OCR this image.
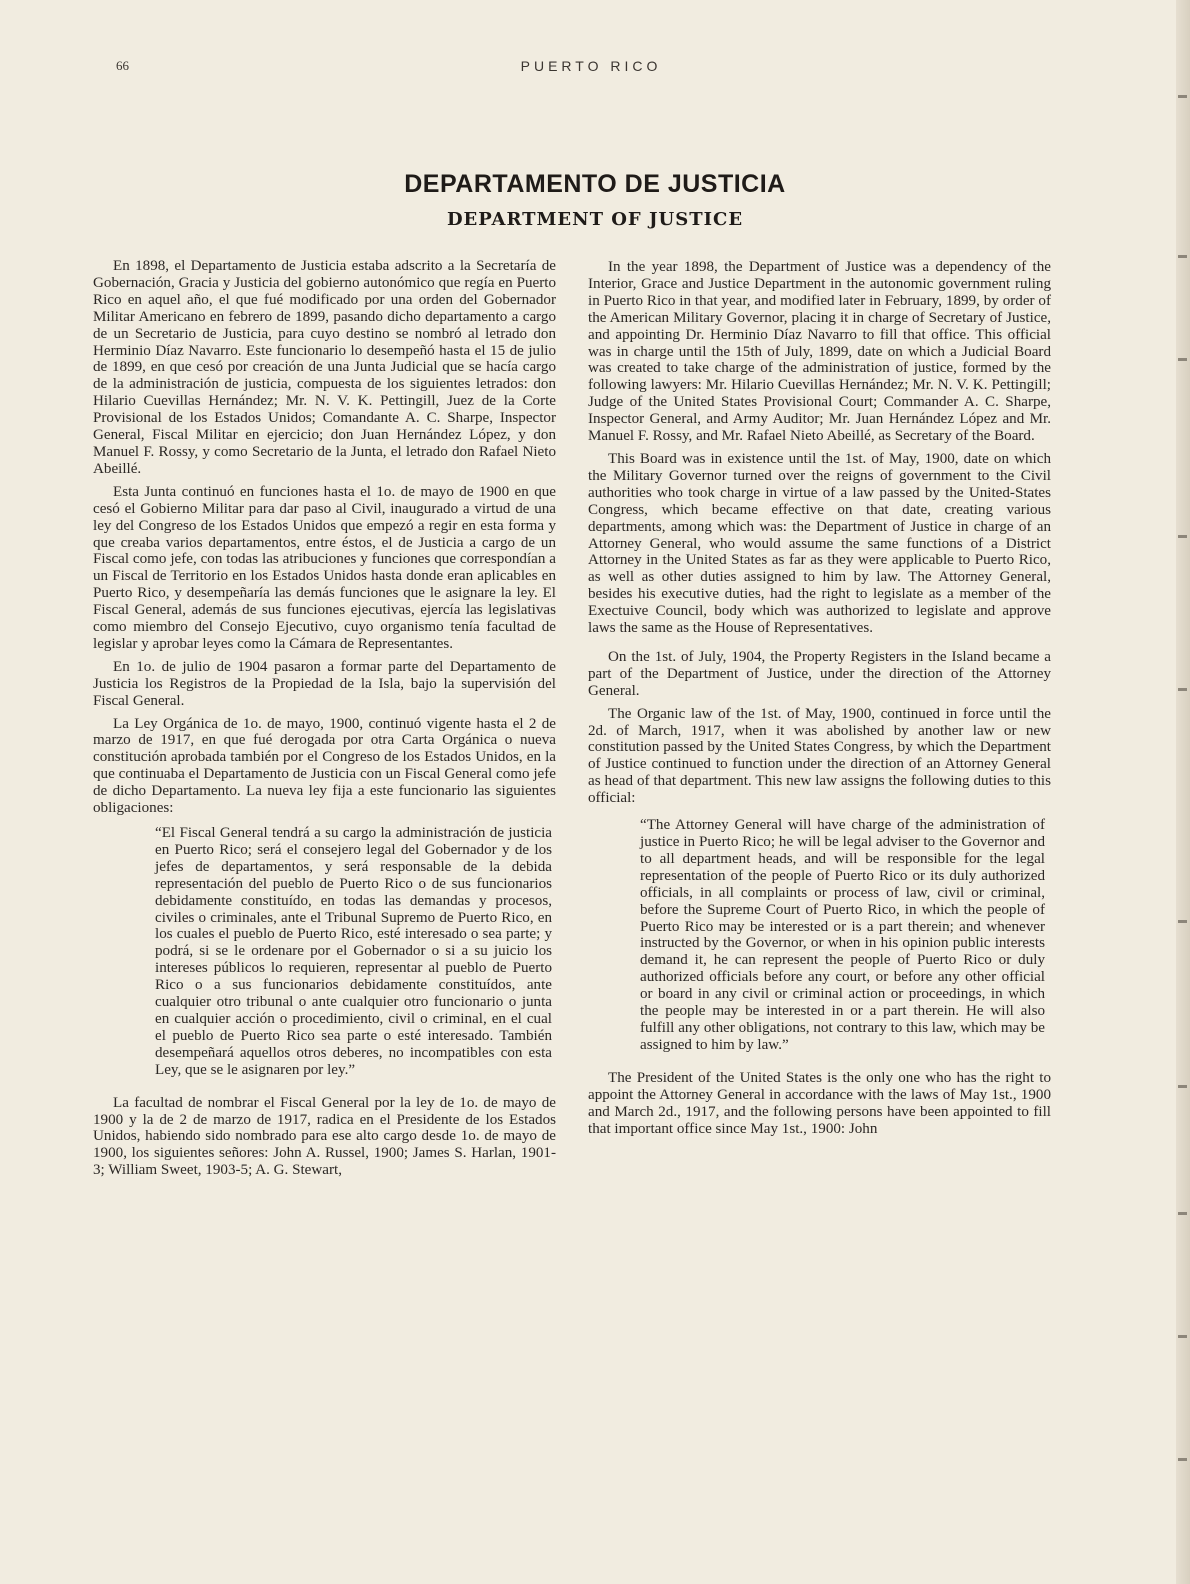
66	PUERTO RICO
DEPARTAMENTO DE JUSTICIA
DEPARTMENT OF JUSTICE

En 1898, el Departamento de Justicia estaba adscrito a la Secretaría de Gobernación, Gracia y Justicia del gobierno autonómico que regía en Puerto Rico en aquel año, el que fué modificado por una orden del Gobernador Militar Americano en febrero de 1899, pasando dicho departamento a cargo de un Secretario de Justicia, para cuyo destino se nombró al letrado don Herminio Díaz Navarro. Este funcionario lo desempeñó hasta el 15 de julio de 1899, en que cesó por creación de una Junta Judicial que se hacía cargo de la administración de justicia, compuesta de los siguientes letrados: don Hilario Cuevillas Hernández; Mr. N. V. K. Pettingill, Juez de la Corte Provisional de los Estados Unidos; Comandante A. C. Sharpe, Inspector General, Fiscal Militar en ejercicio; don Juan Hernández López, y don Manuel F. Rossy, y como Secretario de la Junta, el letrado don Rafael Nieto Abeillé.

Esta Junta continuó en funciones hasta el 1o. de mayo de 1900 en que cesó el Gobierno Militar para dar paso al Civil, inaugurado a virtud de una ley del Congreso de los Estados Unidos que empezó a regir en esta forma y que creaba varios departamentos, entre éstos, el de Justicia a cargo de un Fiscal como jefe, con todas las atribuciones y funciones que correspondían a un Fiscal de Territorio en los Estados Unidos hasta donde eran aplicables en Puerto Rico, y desempeñaría las demás funciones que le asignare la ley. El Fiscal General, además de sus funciones ejecutivas, ejercía las legislativas como miembro del Consejo Ejecutivo, cuyo organismo tenía facultad de legislar y aprobar leyes como la Cámara de Representantes.

En 1o. de julio de 1904 pasaron a formar parte del Departamento de Justicia los Registros de la Propiedad de la Isla, bajo la supervisión del Fiscal General.

La Ley Orgánica de 1o. de mayo, 1900, continuó vigente hasta el 2 de marzo de 1917, en que fué derogada por otra Carta Orgánica o nueva constitución aprobada también por el Congreso de los Estados Unidos, en la que continuaba el Departamento de Justicia con un Fiscal General como jefe de dicho Departamento. La nueva ley fija a este funcionario las siguientes obligaciones:

“El Fiscal General tendrá a su cargo la administración de justicia en Puerto Rico; será el consejero legal del Gobernador y de los jefes de departamentos, y será responsable de la debida representación del pueblo de Puerto Rico o de sus funcionarios debidamente constituído, en todas las demandas y procesos, civiles o criminales, ante el Tribunal Supremo de Puerto Rico, en los cuales el pueblo de Puerto Rico, esté interesado o sea parte; y podrá, si se le ordenare por el Gobernador o si a su juicio los intereses públicos lo requieren, representar al pueblo de Puerto Rico o a sus funcionarios debidamente constituídos, ante cualquier otro tribunal o ante cualquier otro funcionario o junta en cualquier acción o procedimiento, civil o criminal, en el cual el pueblo de Puerto Rico sea parte o esté interesado. También desempeñará aquellos otros deberes, no incompatibles con esta Ley, que se le asignaren por ley.”

La facultad de nombrar el Fiscal General por la ley de 1o. de mayo de 1900 y la de 2 de marzo de 1917, radica en el Presidente de los Estados Unidos, habiendo sido nombrado para ese alto cargo desde 1o. de mayo de 1900, los siguientes señores: John A. Russel, 1900; James S. Harlan, 1901-3; William Sweet, 1903-5; A. G. Stewart,

In the year 1898, the Department of Justice was a dependency of the Interior, Grace and Justice Department in the autonomic government ruling in Puerto Rico in that year, and modified later in February, 1899, by order of the American Military Governor, placing it in charge of Secretary of Justice, and appointing Dr. Herminio Díaz Navarro to fill that office. This official was in charge until the 15th of July, 1899, date on which a Judicial Board was created to take charge of the administration of justice, formed by the following lawyers: Mr. Hilario Cuevillas Hernández; Mr. N. V. K. Pettingill; Judge of the United States Provisional Court; Commander A. C. Sharpe, Inspector General, and Army Auditor; Mr. Juan Hernández López and Mr. Manuel F. Rossy, and Mr. Rafael Nieto Abeillé, as Secretary of the Board.

This Board was in existence until the 1st. of May, 1900, date on which the Military Governor turned over the reigns of government to the Civil authorities who took charge in virtue of a law passed by the United-States Congress, which became effective on that date, creating various departments, among which was: the Department of Justice in charge of an Attorney General, who would assume the same functions of a District Attorney in the United States as far as they were applicable to Puerto Rico, as well as other duties assigned to him by law. The Attorney General, besides his executive duties, had the right to legislate as a member of the Exectuive Council, body which was authorized to legislate and approve laws the same as the House of Representatives.

On the 1st. of July, 1904, the Property Registers in the Island became a part of the Department of Justice, under the direction of the Attorney General.

The Organic law of the 1st. of May, 1900, continued in force until the 2d. of March, 1917, when it was abolished by another law or new constitution passed by the United States Congress, by which the Department of Justice continued to function under the direction of an Attorney General as head of that department. This new law assigns the following duties to this official:

“The Attorney General will have charge of the administration of justice in Puerto Rico; he will be legal adviser to the Governor and to all department heads, and will be responsible for the legal representation of the people of Puerto Rico or its duly authorized officials, in all complaints or process of law, civil or criminal, before the Supreme Court of Puerto Rico, in which the people of Puerto Rico may be interested or is a part therein; and whenever instructed by the Governor, or when in his opinion public interests demand it, he can represent the people of Puerto Rico or duly authorized officials before any court, or before any other official or board in any civil or criminal action or proceedings, in which the people may be interested in or a part therein. He will also fulfill any other obligations, not contrary to this law, which may be assigned to him by law.”

The President of the United States is the only one who has the right to appoint the Attorney General in accordance with the laws of May 1st., 1900 and March 2d., 1917, and the following persons have been appointed to fill that important office since May 1st., 1900: John
